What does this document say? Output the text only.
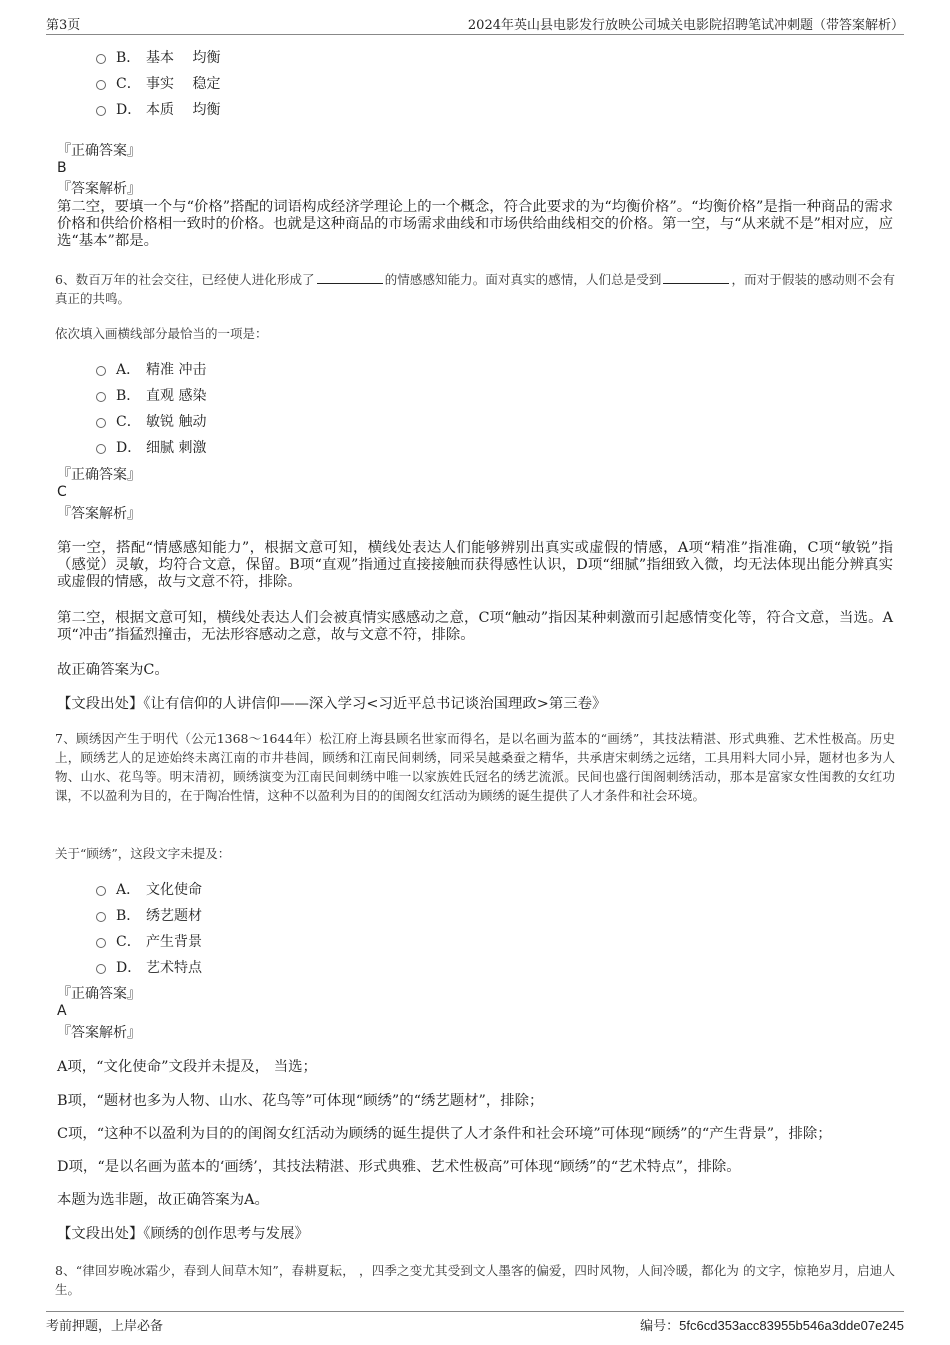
第3页	2024年英山县电影发行放映公司城关电影院招聘笔试冲刺题（带答案解析）
B． 基本　 均衡
C． 事实　 稳定
D． 本质　 均衡
『正确答案』
B
『答案解析』
第二空，要填一个与“价格”搭配的词语构成经济学理论上的一个概念，符合此要求的为“均衡价格”。“均衡价格”是指一种商品的需求价格和供给价格相一致时的价格。也就是这种商品的市场需求曲线和市场供给曲线相交的价格。第一空，与“从来就不是”相对应，应选“基本”都是。
6、数百万年的社会交往，已经使人进化形成了	的情感感知能力。面对真实的感情，人们总是受到	，而对于假装的感动则不会有真正的共鸣。
依次填入画横线部分最恰当的一项是：
A． 精准 冲击
B． 直观 感染
C． 敏锐 触动
D． 细腻 刺激
『正确答案』
C
『答案解析』
第一空，搭配“情感感知能力”，根据文意可知，横线处表达人们能够辨别出真实或虚假的情感，A项“精准”指准确，C项“敏锐”指（感觉）灵敏，均符合文意，保留。B项“直观”指通过直接接触而获得感性认识，D项“细腻”指细致入微，均无法体现出能分辨真实或虚假的情感，故与文意不符，排除。
第二空，根据文意可知，横线处表达人们会被真情实感感动之意，C项“触动”指因某种刺激而引起感情变化等，符合文意，当选。A项“冲击”指猛烈撞击，无法形容感动之意，故与文意不符，排除。
故正确答案为C。
【文段出处】《让有信仰的人讲信仰——深入学习<习近平总书记谈治国理政>第三卷》
7、顾绣因产生于明代（公元1368～1644年）松江府上海县顾名世家而得名，是以名画为蓝本的“画绣”，其技法精湛、形式典雅、艺术性极高。历史上，顾绣艺人的足迹始终未离江南的市井巷闾，顾绣和江南民间刺绣，同采吴越桑蚕之精华，共承唐宋刺绣之远绪，工具用料大同小异，题材也多为人物、山水、花鸟等。明末清初，顾绣演变为江南民间刺绣中唯一以家族姓氏冠名的绣艺流派。民间也盛行闺阁刺绣活动，那本是富家女性闺教的女红功课，不以盈利为目的，在于陶冶性情，这种不以盈利为目的的闺阁女红活动为顾绣的诞生提供了人才条件和社会环境。
关于“顾绣”，这段文字未提及：
A． 文化使命
B． 绣艺题材
C． 产生背景
D． 艺术特点
『正确答案』
A
『答案解析』
A项，“文化使命”文段并未提及， 当选；
B项，“题材也多为人物、山水、花鸟等”可体现“顾绣”的“绣艺题材”，排除；
C项，“这种不以盈利为目的的闺阁女红活动为顾绣的诞生提供了人才条件和社会环境”可体现“顾绣”的“产生背景”，排除；
D项，“是以名画为蓝本的‘画绣’，其技法精湛、形式典雅、艺术性极高”可体现“顾绣”的“艺术特点”，排除。
本题为选非题，故正确答案为A。
【文段出处】《顾绣的创作思考与发展》
8、“律回岁晚冰霜少，春到人间草木知”，春耕夏耘， ，四季之变尤其受到文人墨客的偏爱，四时风物，人间冷暖，都化为 的文字，惊艳岁月，启迪人生。
考前押题，上岸必备	编号：5fc6cd353acc83955b546a3dde07e245
